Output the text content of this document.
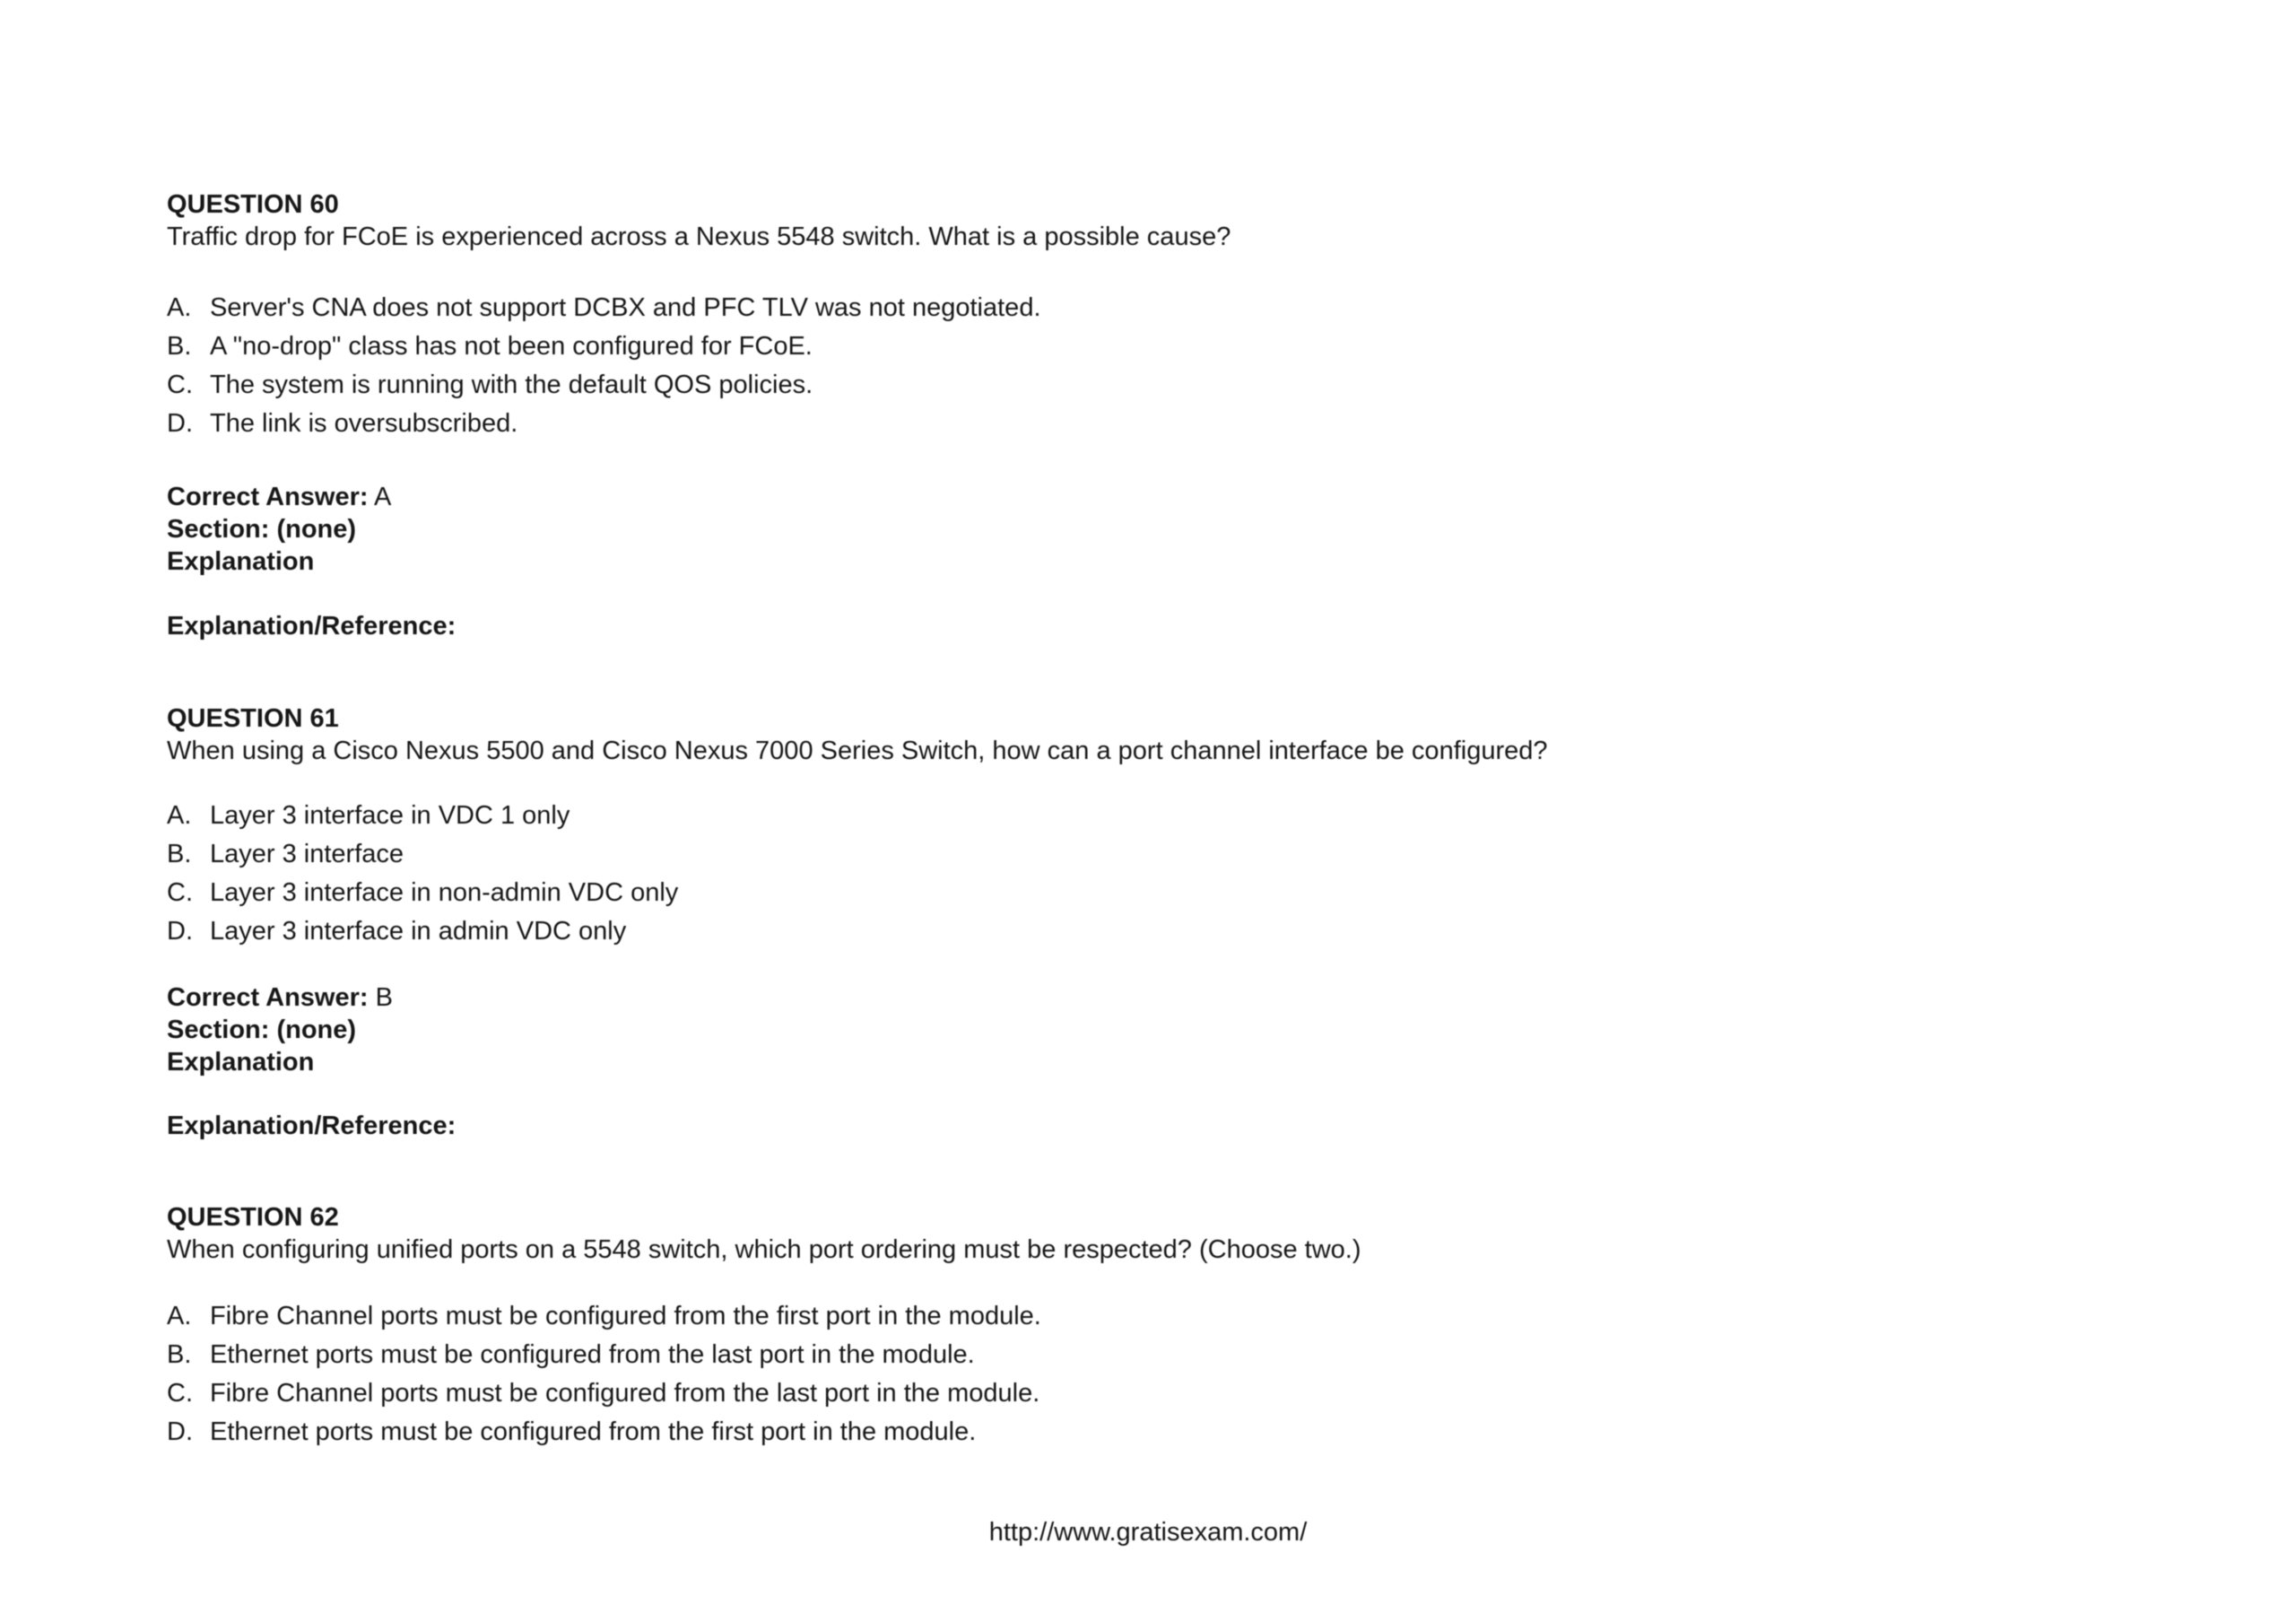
QUESTION 60
Traffic drop for FCoE is experienced across a Nexus 5548 switch. What is a possible cause?
A. Server's CNA does not support DCBX and PFC TLV was not negotiated.
B. A "no-drop" class has not been configured for FCoE.
C. The system is running with the default QOS policies.
D. The link is oversubscribed.
Correct Answer: A
Section: (none)
Explanation
Explanation/Reference:
QUESTION 61
When using a Cisco Nexus 5500 and Cisco Nexus 7000 Series Switch, how can a port channel interface be configured?
A. Layer 3 interface in VDC 1 only
B. Layer 3 interface
C. Layer 3 interface in non-admin VDC only
D. Layer 3 interface in admin VDC only
Correct Answer: B
Section: (none)
Explanation
Explanation/Reference:
QUESTION 62
When configuring unified ports on a 5548 switch, which port ordering must be respected? (Choose two.)
A. Fibre Channel ports must be configured from the first port in the module.
B. Ethernet ports must be configured from the last port in the module.
C. Fibre Channel ports must be configured from the last port in the module.
D. Ethernet ports must be configured from the first port in the module.
http://www.gratisexam.com/
